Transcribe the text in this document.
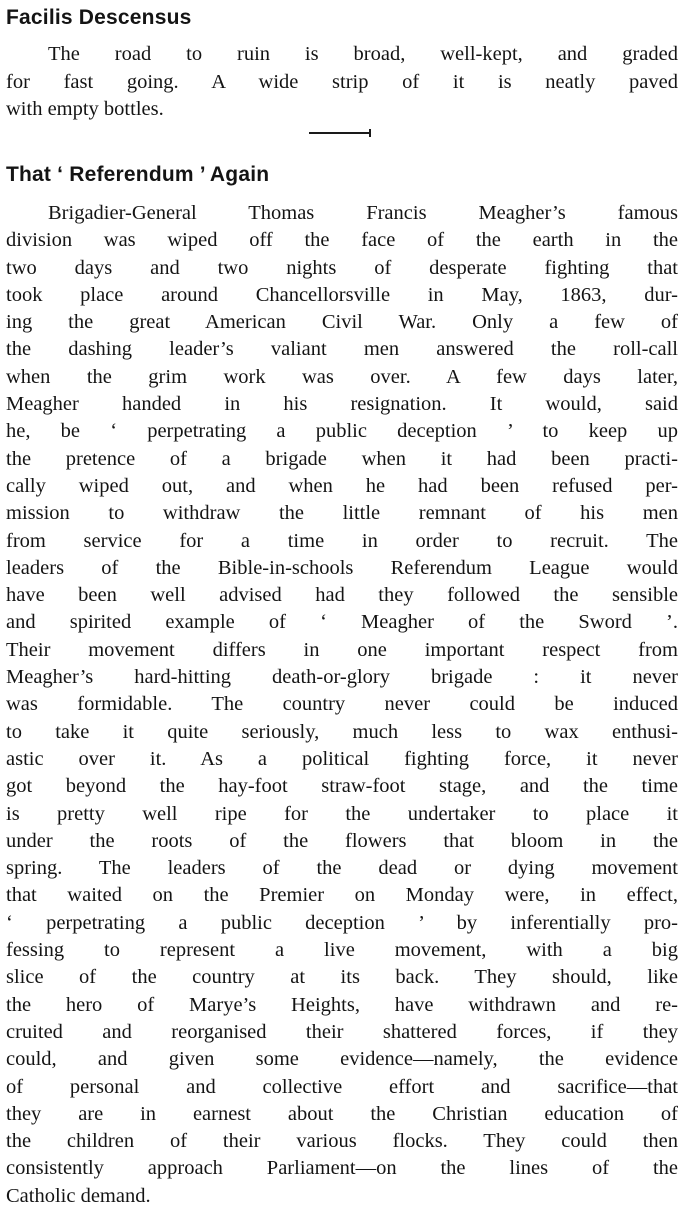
Facilis Descensus
The road to ruin is broad, well-kept, and graded
for fast going. A wide strip of it is neatly paved
with empty bottles.
That ‘ Referendum ’ Again
Brigadier-General Thomas Francis Meagher’s famous
division was wiped off the face of the earth in the
two days and two nights of desperate fighting that
took place around Chancellorsville in May, 1863, dur-
ing the great American Civil War. Only a few of
the dashing leader’s valiant men answered the roll-call
when the grim work was over. A few days later,
Meagher handed in his resignation. It would, said
he, be ‘ perpetrating a public deception ’ to keep up
the pretence of a brigade when it had been practi-
cally wiped out, and when he had been refused per-
mission to withdraw the little remnant of his men
from service for a time in order to recruit. The
leaders of the Bible-in-schools Referendum League would
have been well advised had they followed the sensible
and spirited example of ‘ Meagher of the Sword ’.
Their movement differs in one important respect from
Meagher’s hard-hitting death-or-glory brigade : it never
was formidable. The country never could be induced
to take it quite seriously, much less to wax enthusi-
astic over it. As a political fighting force, it never
got beyond the hay-foot straw-foot stage, and the time
is pretty well ripe for the undertaker to place it
under the roots of the flowers that bloom in the
spring. The leaders of the dead or dying movement
that waited on the Premier on Monday were, in effect,
‘ perpetrating a public deception ’ by inferentially pro-
fessing to represent a live movement, with a big
slice of the country at its back. They should, like
the hero of Marye’s Heights, have withdrawn and re-
cruited and reorganised their shattered forces, if they
could, and given some evidence—namely, the evidence
of personal and collective effort and sacrifice—that
they are in earnest about the Christian education of
the children of their various flocks. They could then
consistently approach Parliament—on the lines of the
Catholic demand.
